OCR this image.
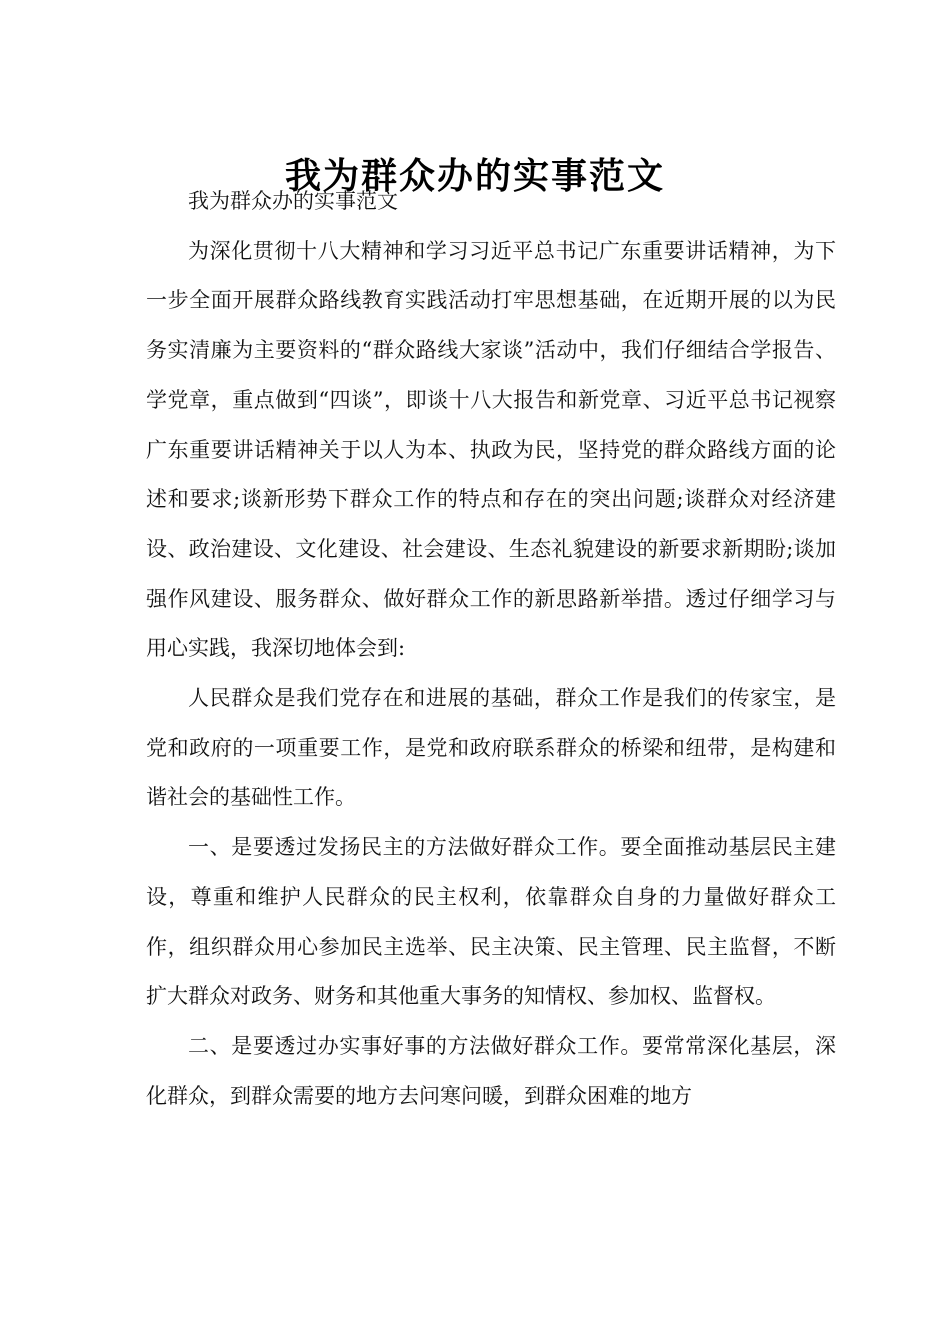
我为群众办的实事范文

我为群众办的实事范文

为深化贯彻十八大精神和学习习近平总书记广东重要讲话精神，为下一步全面开展群众路线教育实践活动打牢思想基础，在近期开展的以为民务实清廉为主要资料的“群众路线大家谈”活动中，我们仔细结合学报告、学党章，重点做到“四谈”，即谈十八大报告和新党章、习近平总书记视察广东重要讲话精神关于以人为本、执政为民，坚持党的群众路线方面的论述和要求;谈新形势下群众工作的特点和存在的突出问题;谈群众对经济建设、政治建设、文化建设、社会建设、生态礼貌建设的新要求新期盼;谈加强作风建设、服务群众、做好群众工作的新思路新举措。透过仔细学习与用心实践，我深切地体会到:

人民群众是我们党存在和进展的基础，群众工作是我们的传家宝，是党和政府的一项重要工作，是党和政府联系群众的桥梁和纽带，是构建和谐社会的基础性工作。

一、是要透过发扬民主的方法做好群众工作。要全面推动基层民主建设，尊重和维护人民群众的民主权利，依靠群众自身的力量做好群众工作，组织群众用心参加民主选举、民主决策、民主管理、民主监督，不断扩大群众对政务、财务和其他重大事务的知情权、参加权、监督权。

二、是要透过办实事好事的方法做好群众工作。要常常深化基层，深化群众，到群众需要的地方去问寒问暖，到群众困难的地方
